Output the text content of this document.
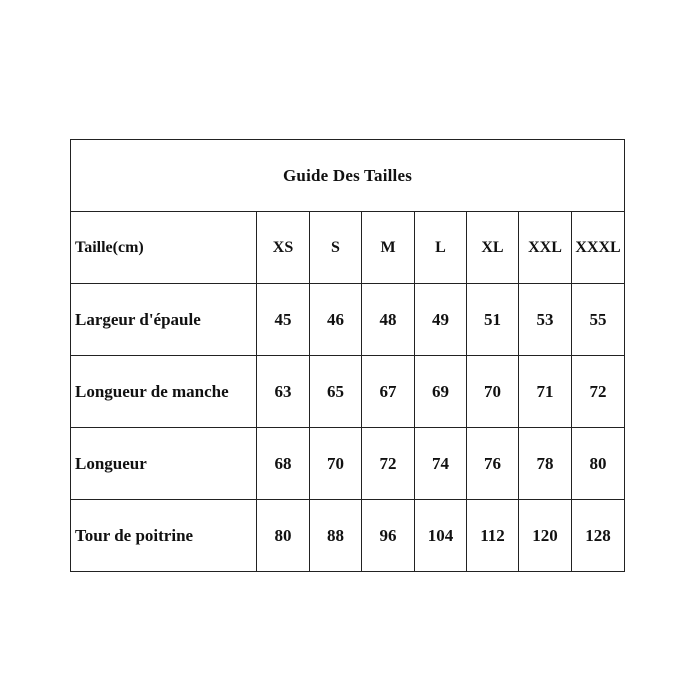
Guide Des Tailles							
Taille(cm)	XS	S	M	L	XL	XXL	XXXL
Largeur d'épaule	45	46	48	49	51	53	55
Longueur de manche	63	65	67	69	70	71	72
Longueur	68	70	72	74	76	78	80
Tour de poitrine	80	88	96	104	112	120	128
